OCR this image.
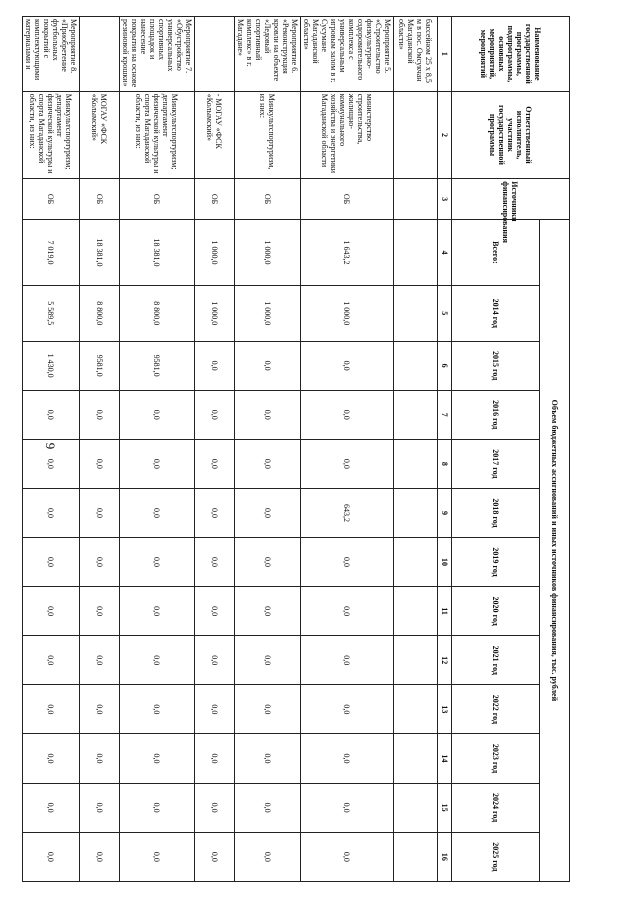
9
Наименование государственной программы, подпрограммы, основных мероприятий, мероприятий	Ответственный исполнитель, участник государственной программы	Источники финансирования	Объем бюджетных ассигнований и иных источников финансирования, тыс. рублей												
			Всего:	2014 год	2015 год	2016 год	2017 год	2018 год	2019 год	2020 год	2021 год	2022 год	2023 год	2024 год	2025 год
1	2	3	4	5	6	7	8	9	10	11	12	13	14	15	16
бассейном 25 х 8,5 м в пос. Омсукчан Магаданской области»															
Мероприятие 5. «Строительство физкультурно-оздоровительного комплекса с универсальным игровым залом в г. Сусумане Магаданской области»	министерство строительства, жилищно-коммунального хозяйства и энергетики Магаданской области	ОБ	1 643,2	1 000,0	0,0	0,0	0,0	643,2	0,0	0,0	0,0	0,0	0,0	0,0	0,0
Мероприятие 6. «Реконструкция кровли на объекте «Ледовый спортивный комплекс» в г. Магадане»	Минкультспортуризм, из них:	ОБ	1 000,0	1 000,0	0,0	0,0	0,0	0,0	0,0	0,0	0,0	0,0	0,0	0,0	0,0
	- МОГАУ «ФСК «Колымский»	ОБ	1 000,0	1 000,0	0,0	0,0	0,0	0,0	0,0	0,0	0,0	0,0	0,0	0,0	0,0
Мероприятие 7. «Обустройство универсальных спортивных площадок и нанесение покрытия на основе резиновой крошки»	Минкультспортуризм; департамент физической культуры и спорта Магаданской области, из них:	ОБ	18 381,0	8 800,0	9581,0	0,0	0,0	0,0	0,0	0,0	0,0	0,0	0,0	0,0	0,0
	МОГАУ «ФСК «Колымский»	ОБ	18 381,0	8 800,0	9581,0	0,0	0,0	0,0	0,0	0,0	0,0	0,0	0,0	0,0	0,0
Мероприятие 8. «Приобретение футбольных покрытий с комплектующими материалами и	Минкультспортуризм; департамент физической культуры и спорта Магаданской области, из них:	ОБ	7 019,0	5 589,5	1 430,0	0,0	0,0	0,0	0,0	0,0	0,0	0,0	0,0	0,0	0,0
